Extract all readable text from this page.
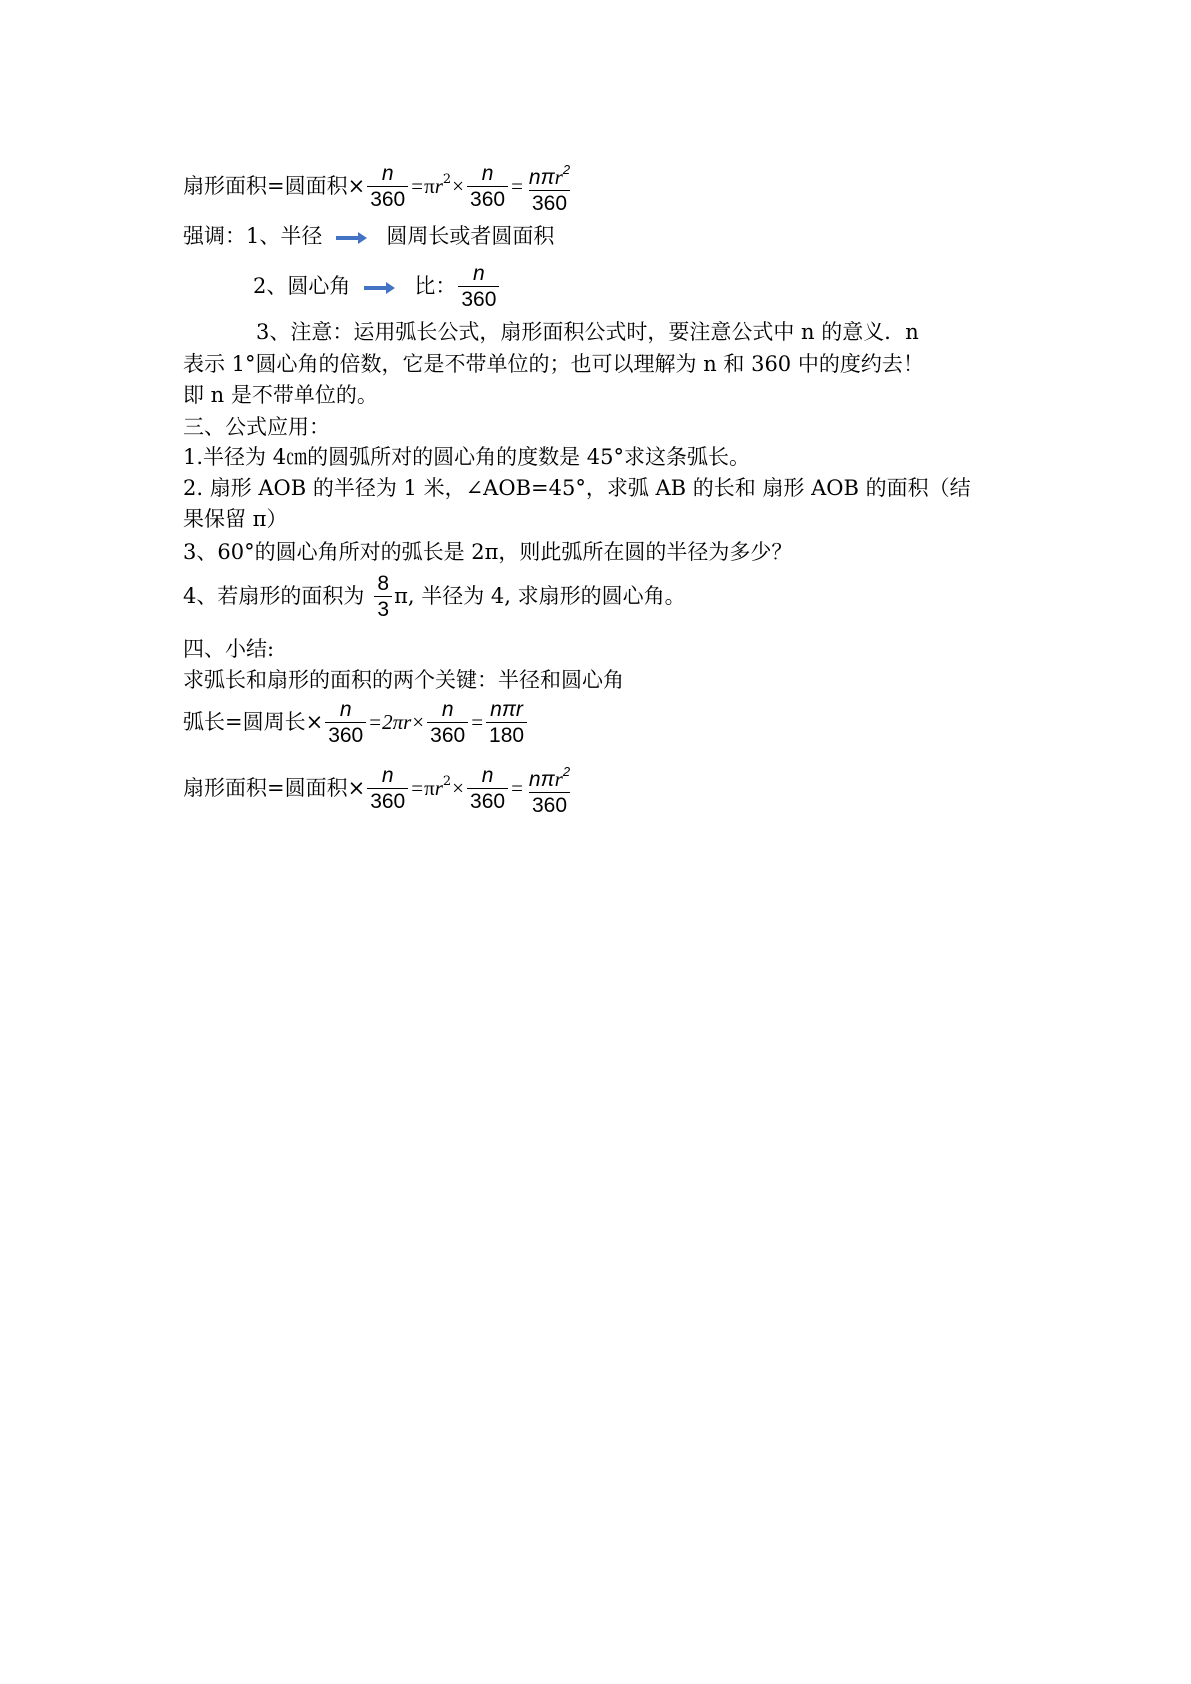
扇形面积=圆面积× $\frac{n}{360} =\pi r^2\times \frac{n}{360} = \frac{n\pi r^2}{360}$
强调：1、半径	圆周长或者圆面积
2、圆心角	比： $\frac{n}{360}$
3、注意：运用弧长公式，扇形面积公式时，要注意公式中 n 的意义．n
表示 1°圆心角的倍数，它是不带单位的；也可以理解为 n 和 360 中的度约去！
即 n 是不带单位的。
三、公式应用：
1.半径为 4㎝的圆弧所对的圆心角的度数是 45°求这条弧长。
2. 扇形 AOB 的半径为 1 米，∠AOB=45°，求弧 AB 的长和 扇形 AOB 的面积（结
果保留 π）
3、60°的圆心角所对的弧长是 2π，则此弧所在圆的半径为多少？
4、若扇形的面积为 $\frac{8}{3} \pi$, 半径为 4, 求扇形的圆心角。
四、小结:
求弧长和扇形的面积的两个关键：半径和圆心角
弧长=圆周长× $\frac{n}{360} =2\pi r\times \frac{n}{360} = \frac{\text{nπr}}{180}$
扇形面积=圆面积× $\frac{n}{360} =\pi r^2\times \frac{n}{360} = \frac{n\pi r^2}{360}$
